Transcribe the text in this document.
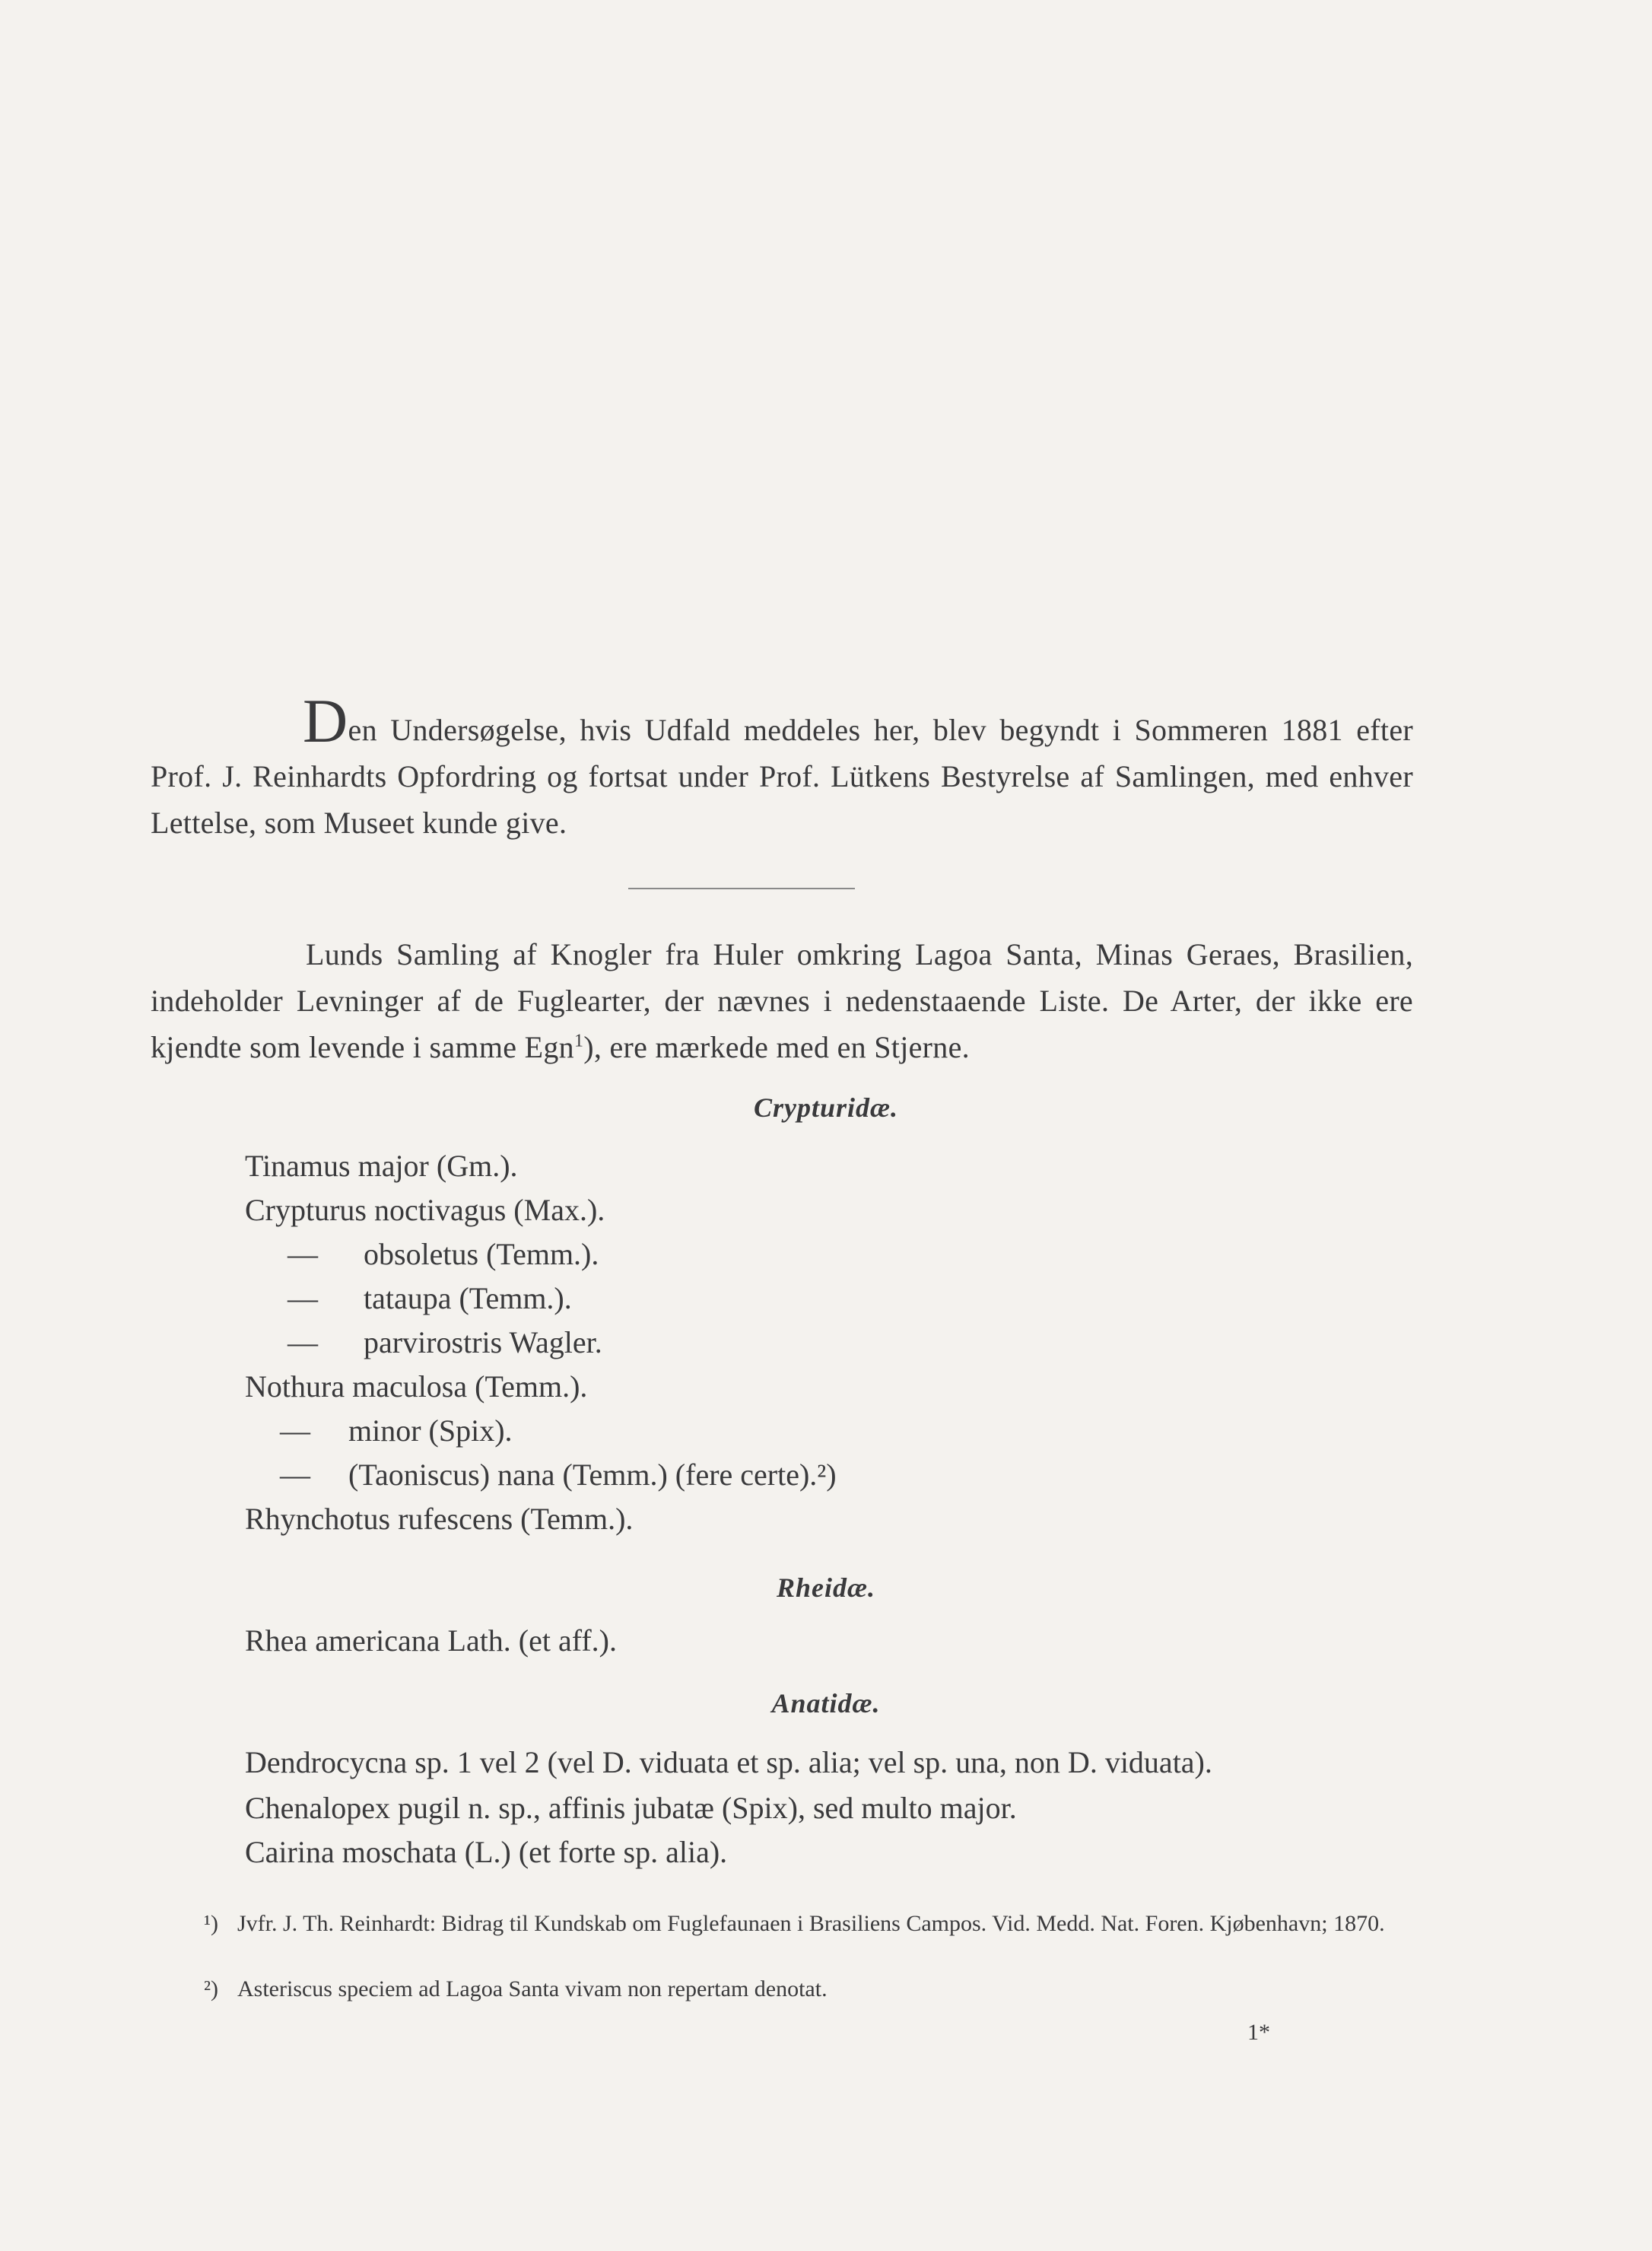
Den Undersøgelse, hvis Udfald meddeles her, blev begyndt i Sommeren 1881 efter Prof. J. Reinhardts Opfordring og fortsat under Prof. Lütkens Bestyrelse af Samlingen, med enhver Lettelse, som Museet kunde give.
Lunds Samling af Knogler fra Huler omkring Lagoa Santa, Minas Geraes, Brasilien, indeholder Levninger af de Fuglearter, der nævnes i nedenstaaende Liste. De Arter, der ikke ere kjendte som levende i samme Egn$^1$), ere mærkede med en Stjerne.
Crypturidæ.
Tinamus major (Gm.).
Crypturus noctivagus (Max.).
—      obsoletus (Temm.).
—      tataupa (Temm.).
—      parvirostris Wagler.
Nothura maculosa (Temm.).
—     minor (Spix).
—     (Taoniscus) nana (Temm.) (fere certe).²)
Rhynchotus rufescens (Temm.).
Rheidæ.
Rhea americana Lath. (et aff.).
Anatidæ.
Dendrocycna sp. 1 vel 2 (vel D. viduata et sp. alia; vel sp. una, non D. viduata).
Chenalopex pugil n. sp., affinis jubatæ (Spix), sed multo major.
Cairina moschata (L.) (et forte sp. alia).
¹) Jvfr. J. Th. Reinhardt: Bidrag til Kundskab om Fuglefaunaen i Brasiliens Campos. Vid. Medd. Nat. Foren. Kjøbenhavn; 1870.
²) Asteriscus speciem ad Lagoa Santa vivam non repertam denotat.
1*
